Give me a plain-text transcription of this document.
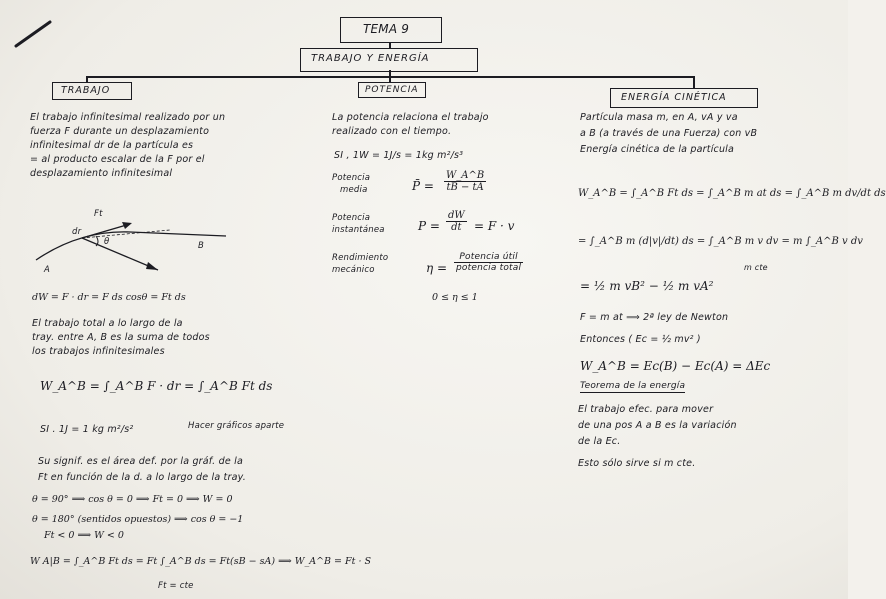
TEMA 9
TRABAJO Y ENERGÍA
TRABAJO
El trabajo infinitesimal realizado por un
fuerza F durante un desplazamiento
infinitesimal dr de la partícula es
= al producto escalar de la F por el
desplazamiento infinitesimal
Ft
dr
θ	B
A
dW = F · dr = F ds cosθ = Ft ds
El trabajo total a lo largo de la
tray. entre A, B es la suma de todos
los trabajos infinitesimales
W_A^B = ∫_A^B F · dr = ∫_A^B Ft ds
SI . 1J = 1 kg m²/s²	Hacer gráficos aparte
Su signif. es el área def. por la gráf. de la
Ft en función de la d. a lo largo de la tray.
θ = 90° ⟹ cos θ = 0 ⟹ Ft = 0 ⟹ W = 0
θ = 180° (sentidos opuestos) ⟹ cos θ = −1
Ft < 0 ⟹ W < 0
W A|B = ∫_A^B Ft ds = Ft ∫_A^B ds = Ft(sB − sA) ⟹ W_A^B = Ft · S
Ft = cte
POTENCIA
La potencia relaciona el trabajo
realizado con el tiempo.
SI , 1W = 1J/s = 1kg m²/s³
Potencia
media	P̄ = $\frac{W\_A\^{}B}{tB - tA}$
Potencia
instantánea	$P = \frac{dW}{dt} = F \cdot v$
Rendimiento
mecánico	η =
Potencia útil
potencia total
0 ≤ η ≤ 1
ENERGÍA CINÉTICA
Partícula masa m, en A, vA y va
a B (a través de una Fuerza) con vB
Energía cinética de la partícula
W_A^B = ∫_A^B Ft ds = ∫_A^B m at ds = ∫_A^B m dv/dt ds
= ∫_A^B m (d|v|/dt) ds = ∫_A^B m v dv = m ∫_A^B v dv
m cte
= ½ m vB² − ½ m vA²
F = m at ⟹ 2ª ley de Newton
Entonces ( Ec = ½ mv² )
W_A^B = Ec(B) − Ec(A) = ΔEc
Teorema de la energía
El trabajo efec. para mover
de una pos A a B es la variación
de la Ec.
Esto sólo sirve si m cte.
